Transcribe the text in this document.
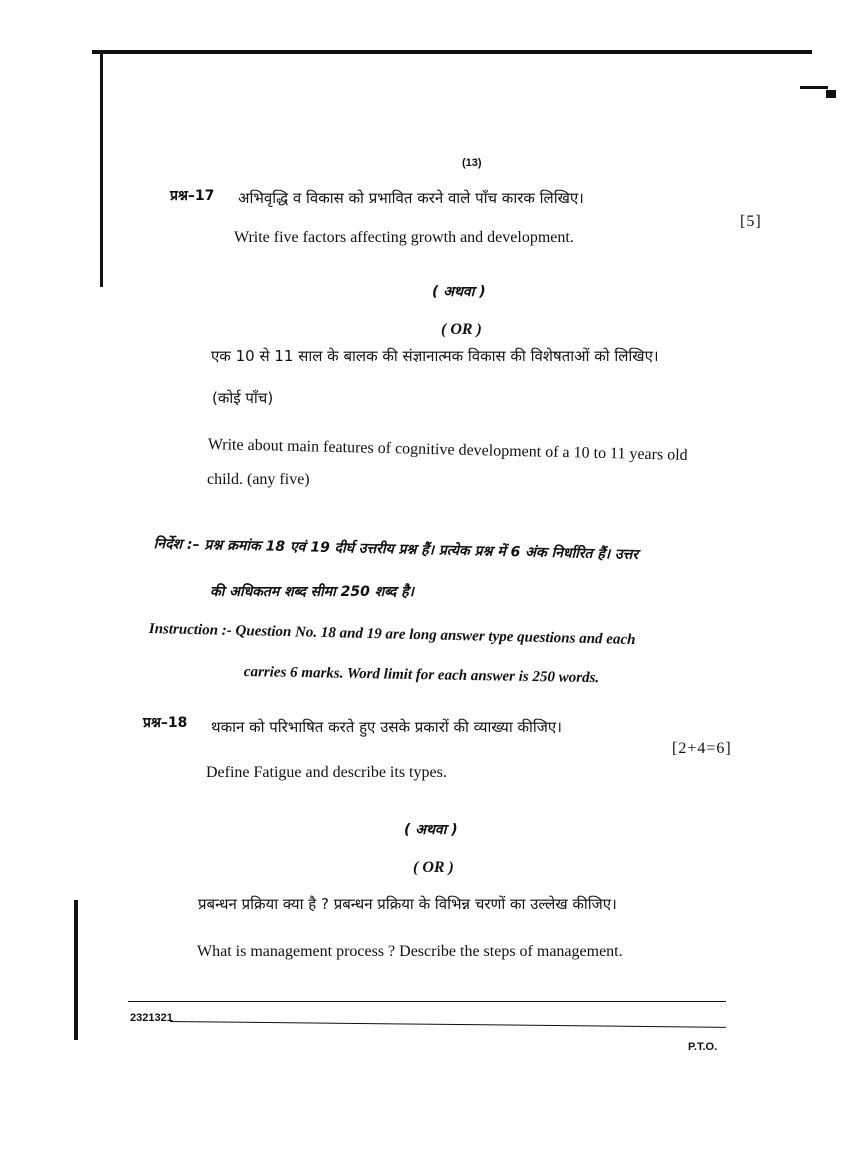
(13)
प्रश्न–17 अभिवृद्धि व विकास को प्रभावित करने वाले पाँच कारक लिखिए।
[5]
Write five factors affecting growth and development.
( अथवा )
( OR )
एक 10 से 11 साल के बालक की संज्ञानात्मक विकास की विशेषताओं को लिखिए।
(कोई पाँच)
Write about main features of cognitive development of a 10 to 11 years old
child. (any five)
निर्देश :– प्रश्न क्रमांक 18 एवं 19 दीर्घ उत्तरीय प्रश्न हैं। प्रत्येक प्रश्न में 6 अंक निर्धारित हैं। उत्तर
की अधिकतम शब्द सीमा 250 शब्द है।
Instruction :- Question No. 18 and 19 are long answer type questions and each
carries 6 marks. Word limit for each answer is 250 words.
प्रश्न–18 थकान को परिभाषित करते हुए उसके प्रकारों की व्याख्या कीजिए।
[2+4=6]
Define Fatigue and describe its types.
( अथवा )
( OR )
प्रबन्धन प्रक्रिया क्या है ? प्रबन्धन प्रक्रिया के विभिन्न चरणों का उल्लेख कीजिए।
What is management process ? Describe the steps of management.
2321321
P.T.O.
